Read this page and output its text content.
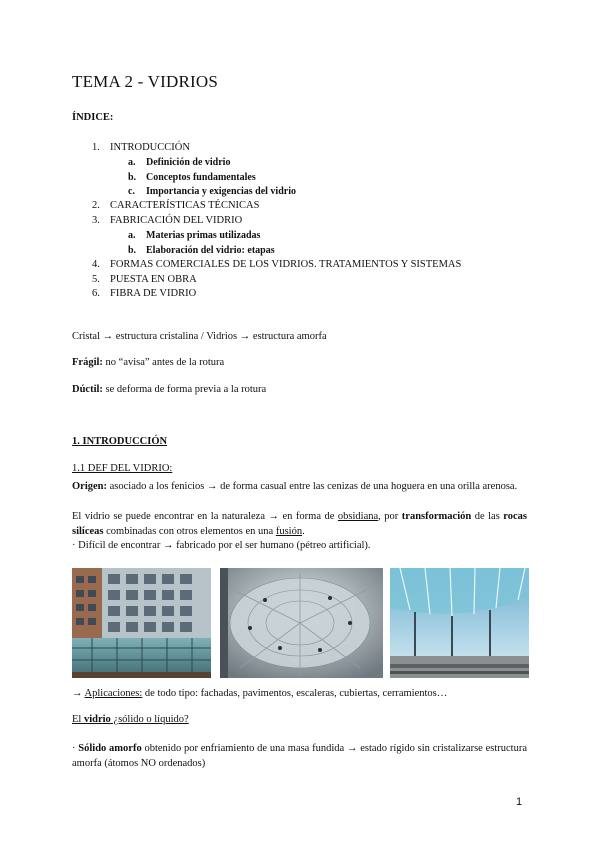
TEMA 2 - VIDRIOS
ÍNDICE:
1. INTRODUCCIÓN
a. Definición de vidrio
b. Conceptos fundamentales
c. Importancia y exigencias del vidrio
2. CARACTERÍSTICAS TÉCNICAS
3. FABRICACIÓN DEL VIDRIO
a. Materias primas utilizadas
b. Elaboración del vidrio: etapas
4. FORMAS COMERCIALES DE LOS VIDRIOS. TRATAMIENTOS Y SISTEMAS
5. PUESTA EN OBRA
6. FIBRA DE VIDRIO
Cristal → estructura cristalina / Vidrios → estructura amorfa
Frágil: no “avisa” antes de la rotura
Dúctil: se deforma de forma previa a la rotura
1. INTRODUCCIÓN
1.1 DEF DEL VIDRIO:
Origen: asociado a los fenicios → de forma casual entre las cenizas de una hoguera en una orilla arenosa.
El vidrio se puede encontrar en la naturaleza → en forma de obsidiana, por transformación de las rocas silíceas combinadas con otros elementos en una fusión.
· Difícil de encontrar → fabricado por el ser humano (pétreo artificial).
→ Aplicaciones: de todo tipo: fachadas, pavimentos, escaleras, cubiertas, cerramientos…
El vidrio ¿sólido o líquido?
· Sólido amorfo obtenido por enfriamiento de una masa fundida → estado rígido sin cristalizarse estructura amorfa (átomos NO ordenados)
1
